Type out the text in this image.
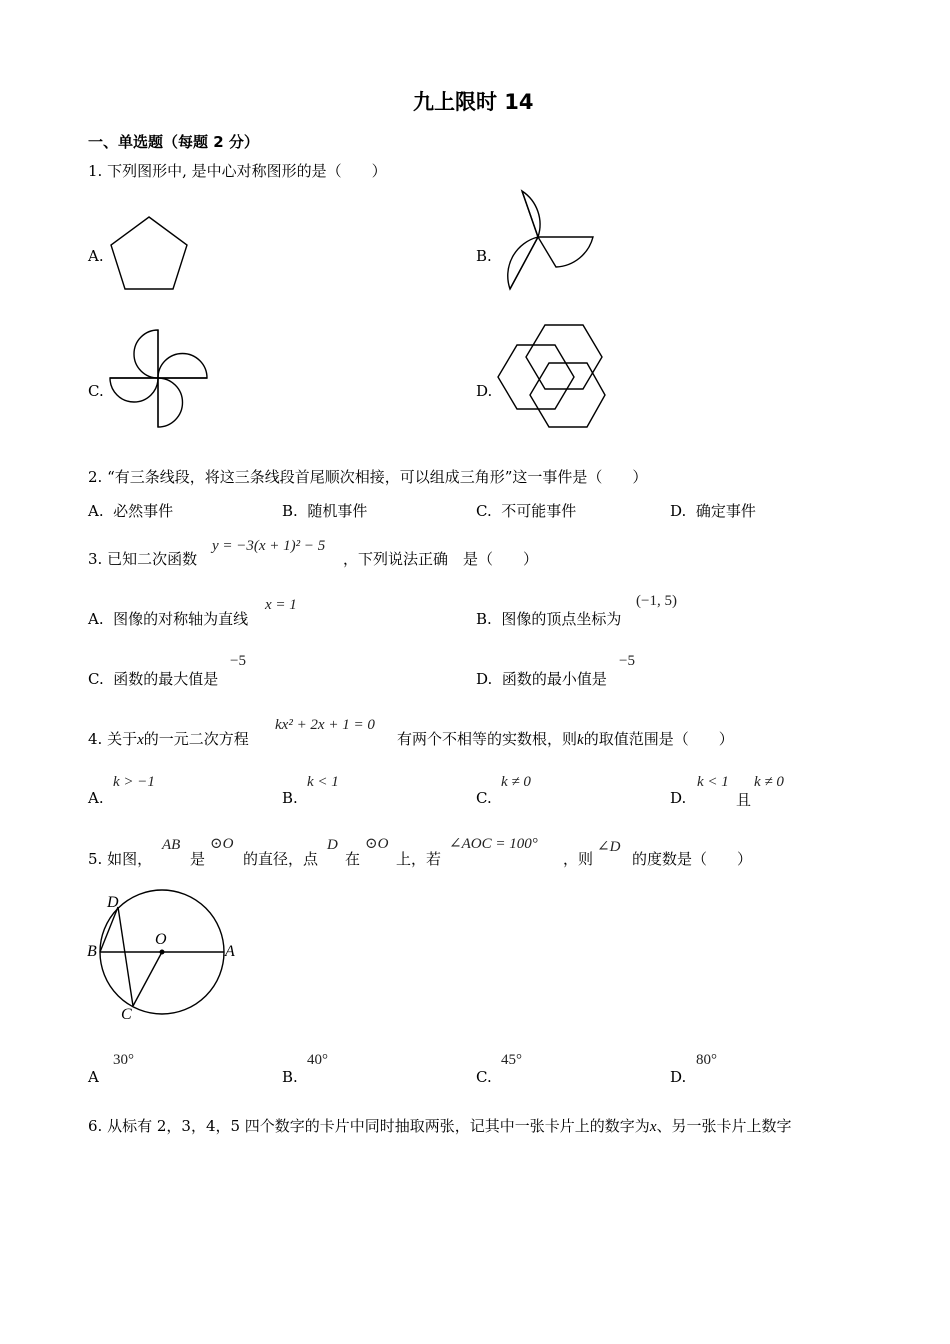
九上限时 14
一、单选题（每题 2 分）
1. 下列图形中, 是中心对称图形的是（　　）
A.	B.
C.	D.
2. “有三条线段，将这三条线段首尾顺次相接，可以组成三角形”这一事件是（　　）
A. 必然事件	B. 随机事件	C. 不可能事件	D. 确定事件
3. 已知二次函数
y = −3(x + 1)² − 5
，下列说法正确　是（　　）
A. 图像的对称轴为直线
x = 1
B. 图像的顶点坐标为
(−1, 5)
C. 函数的最大值是
−5
D. 函数的最小值是
−5
4. 关于x的一元二次方程
kx² + 2x + 1 = 0
有两个不相等的实数根，则k的取值范围是（　　）
A.
k > −1
B.
k < 1
C.
k ≠ 0
D.
k < 1
且
k ≠ 0
5. 如图，
AB
是
⊙O
的直径，点
D
在
⊙O
上，若
∠AOC = 100°
，则
∠D
的度数是（　　）
D
B
O
A
C
A
30°
B.
40°
C.
45°
D.
80°
6. 从标有 2，3，4，5 四个数字的卡片中同时抽取两张，记其中一张卡片上的数字为x、另一张卡片上数字
